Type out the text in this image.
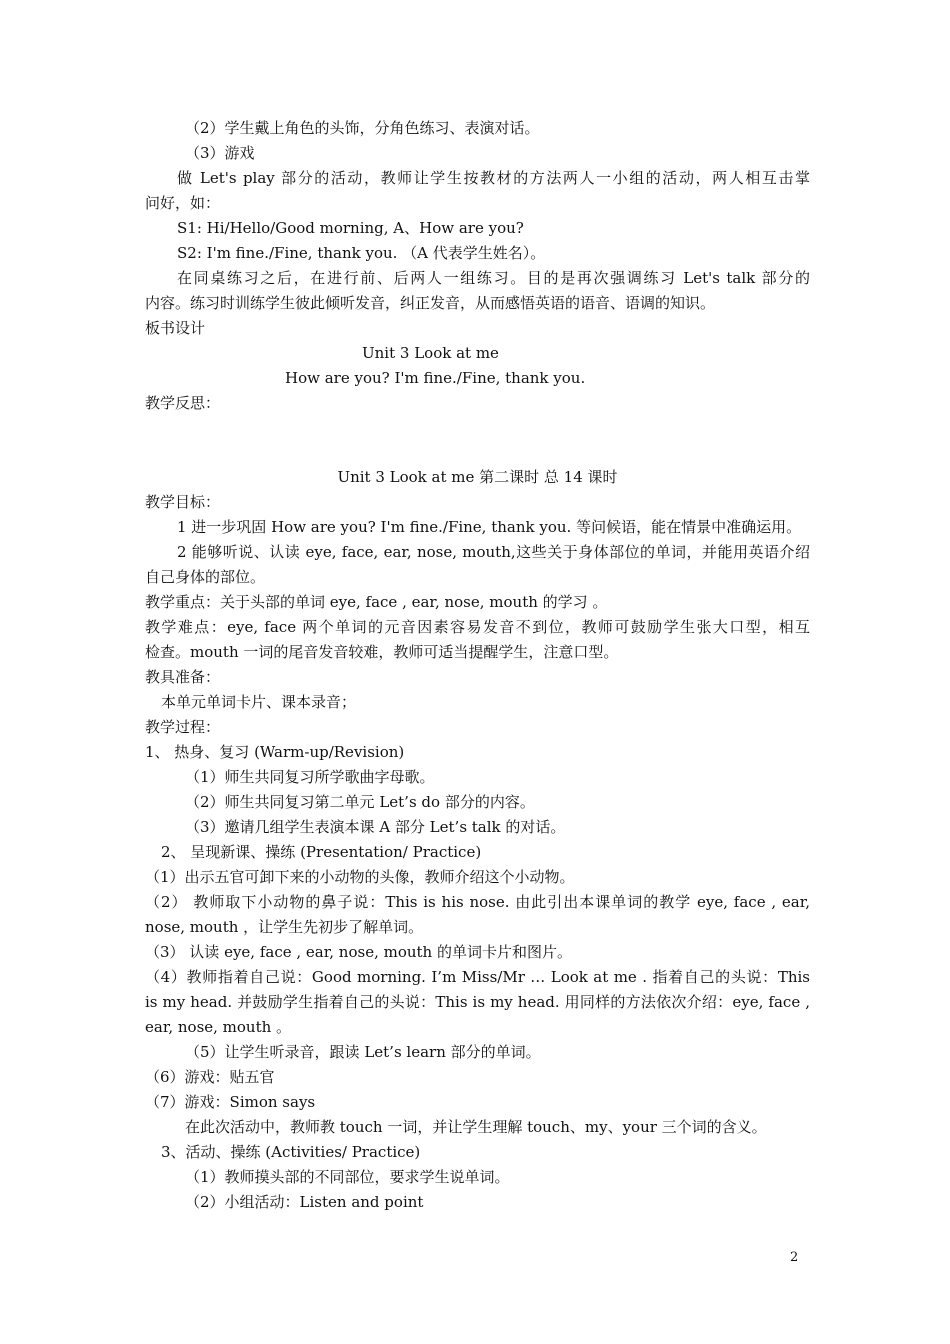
（2）学生戴上角色的头饰，分角色练习、表演对话。
（3）游戏
做 Let's play 部分的活动，教师让学生按教材的方法两人一小组的活动，两人相互击掌
问好，如：
S1: Hi/Hello/Good morning, A、How are you?
S2: I'm fine./Fine, thank you. （A 代表学生姓名）。
在同桌练习之后，在进行前、后两人一组练习。目的是再次强调练习 Let's talk 部分的
内容。练习时训练学生彼此倾听发音，纠正发音，从而感悟英语的语音、语调的知识。
板书设计
Unit 3 Look at me
How are you? I'm fine./Fine, thank you.
教学反思：
Unit 3 Look at me 第二课时 总 14 课时
教学目标：
1 进一步巩固 How are you? I'm fine./Fine, thank you. 等问候语，能在情景中准确运用。
2 能够听说、认读 eye, face, ear, nose, mouth,这些关于身体部位的单词，并能用英语介绍
自己身体的部位。
教学重点：关于头部的单词 eye, face , ear, nose, mouth 的学习 。
教学难点：eye, face 两个单词的元音因素容易发音不到位，教师可鼓励学生张大口型，相互
检查。mouth 一词的尾音发音较难，教师可适当提醒学生，注意口型。
教具准备：
本单元单词卡片、课本录音；
教学过程：
1、 热身、复习 (Warm-up/Revision)
（1）师生共同复习所学歌曲字母歌。
（2）师生共同复习第二单元 Let’s do 部分的内容。
（3）邀请几组学生表演本课 A 部分 Let’s talk 的对话。
2、 呈现新课、操练 (Presentation/ Practice)
（1）出示五官可卸下来的小动物的头像，教师介绍这个小动物。
（2） 教师取下小动物的鼻子说：This is his nose. 由此引出本课单词的教学 eye, face , ear,
nose, mouth ，让学生先初步了解单词。
（3） 认读 eye, face , ear, nose, mouth 的单词卡片和图片。
（4）教师指着自己说：Good morning. I’m Miss/Mr … Look at me . 指着自己的头说：This
is my head. 并鼓励学生指着自己的头说：This is my head. 用同样的方法依次介绍：eye, face ,
ear, nose, mouth 。
（5）让学生听录音，跟读 Let’s learn 部分的单词。
（6）游戏：贴五官
（7）游戏：Simon says
在此次活动中，教师教 touch 一词，并让学生理解 touch、my、your 三个词的含义。
3、活动、操练 (Activities/ Practice)
（1）教师摸头部的不同部位，要求学生说单词。
（2）小组活动：Listen and point
2
